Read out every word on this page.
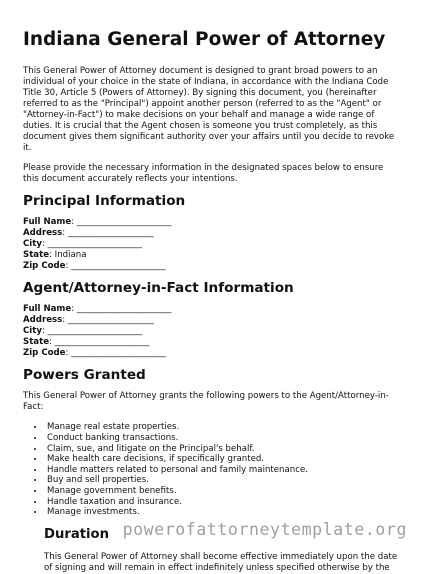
Indiana General Power of Attorney

This General Power of Attorney document is designed to grant broad powers to an individual of your choice in the state of Indiana, in accordance with the Indiana Code Title 30, Article 5 (Powers of Attorney). By signing this document, you (hereinafter referred to as the "Principal") appoint another person (referred to as the "Agent" or "Attorney-in-Fact") to make decisions on your behalf and manage a wide range of duties. It is crucial that the Agent chosen is someone you trust completely, as this document gives them significant authority over your affairs until you decide to revoke it.

Please provide the necessary information in the designated spaces below to ensure this document accurately reflects your intentions.

Principal Information
Full Name: ______________________
Address: ____________________
City: ______________________
State: Indiana
Zip Code: ______________________
Agent/Attorney-in-Fact Information
Full Name: ______________________
Address: ____________________
City: ______________________
State: ______________________
Zip Code: ______________________
Powers Granted

This General Power of Attorney grants the following powers to the Agent/Attorney-in-Fact:

• Manage real estate properties.
• Conduct banking transactions.
• Claim, sue, and litigate on the Principal's behalf.
• Make health care decisions, if specifically granted.
• Handle matters related to personal and family maintenance.
• Buy and sell properties.
• Manage government benefits.
• Handle taxation and insurance.
• Manage investments.
Duration

This General Power of Attorney shall become effective immediately upon the date of signing and will remain in effect indefinitely unless specified otherwise by the

powerofattorneytemplate.org
